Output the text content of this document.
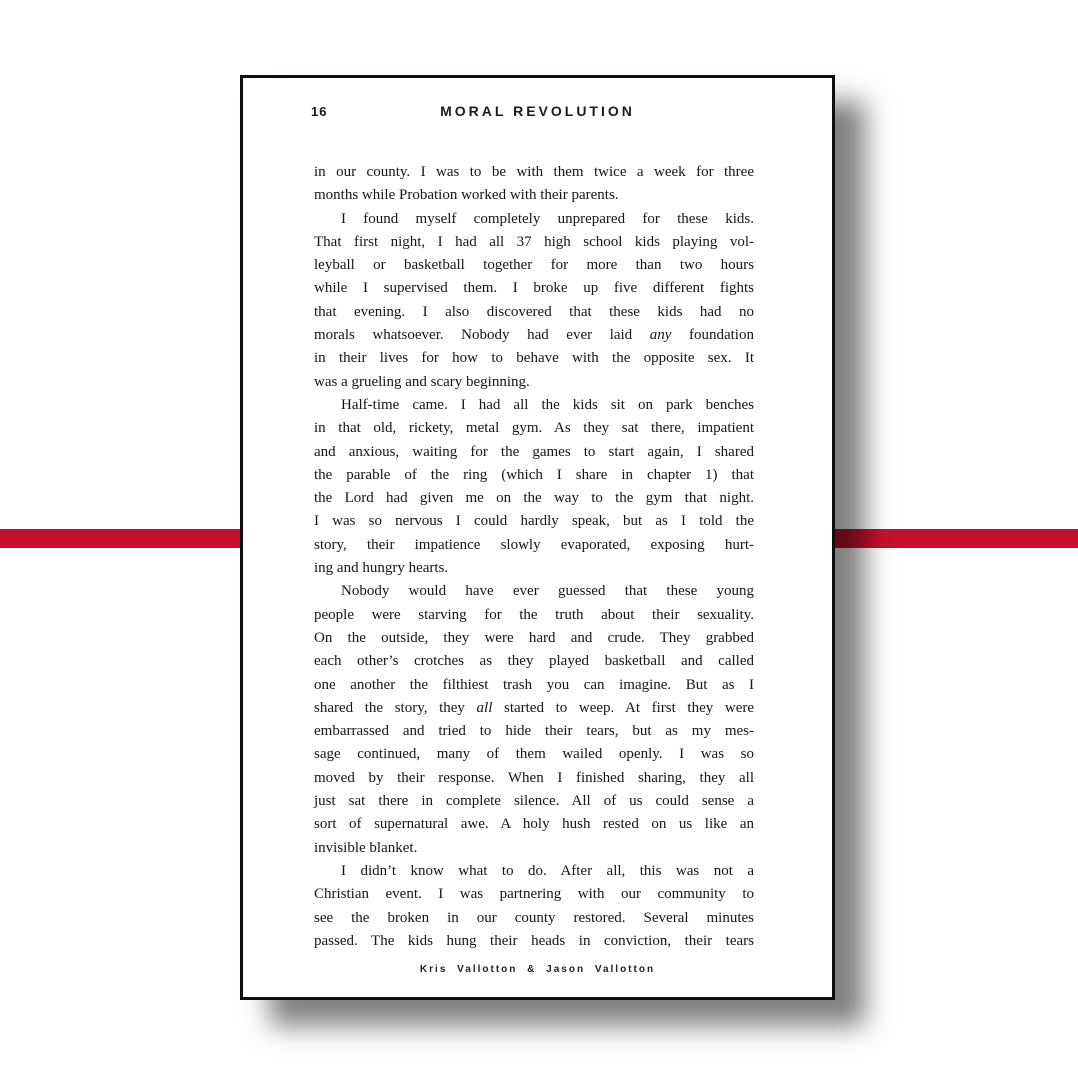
16	MORAL REVOLUTION
in our county. I was to be with them twice a week for three
months while Probation worked with their parents.
I found myself completely unprepared for these kids.
That first night, I had all 37 high school kids playing vol-
leyball or basketball together for more than two hours
while I supervised them. I broke up five different fights
that evening. I also discovered that these kids had no
morals whatsoever. Nobody had ever laid any foundation
in their lives for how to behave with the opposite sex. It
was a grueling and scary beginning.
Half-time came. I had all the kids sit on park benches
in that old, rickety, metal gym. As they sat there, impatient
and anxious, waiting for the games to start again, I shared
the parable of the ring (which I share in chapter 1) that
the Lord had given me on the way to the gym that night.
I was so nervous I could hardly speak, but as I told the
story, their impatience slowly evaporated, exposing hurt-
ing and hungry hearts.
Nobody would have ever guessed that these young
people were starving for the truth about their sexuality.
On the outside, they were hard and crude. They grabbed
each other’s crotches as they played basketball and called
one another the filthiest trash you can imagine. But as I
shared the story, they all started to weep. At first they were
embarrassed and tried to hide their tears, but as my mes-
sage continued, many of them wailed openly. I was so
moved by their response. When I finished sharing, they all
just sat there in complete silence. All of us could sense a
sort of supernatural awe. A holy hush rested on us like an
invisible blanket.
I didn’t know what to do. After all, this was not a
Christian event. I was partnering with our community to
see the broken in our county restored. Several minutes
passed. The kids hung their heads in conviction, their tears
Kris Vallotton & Jason Vallotton
